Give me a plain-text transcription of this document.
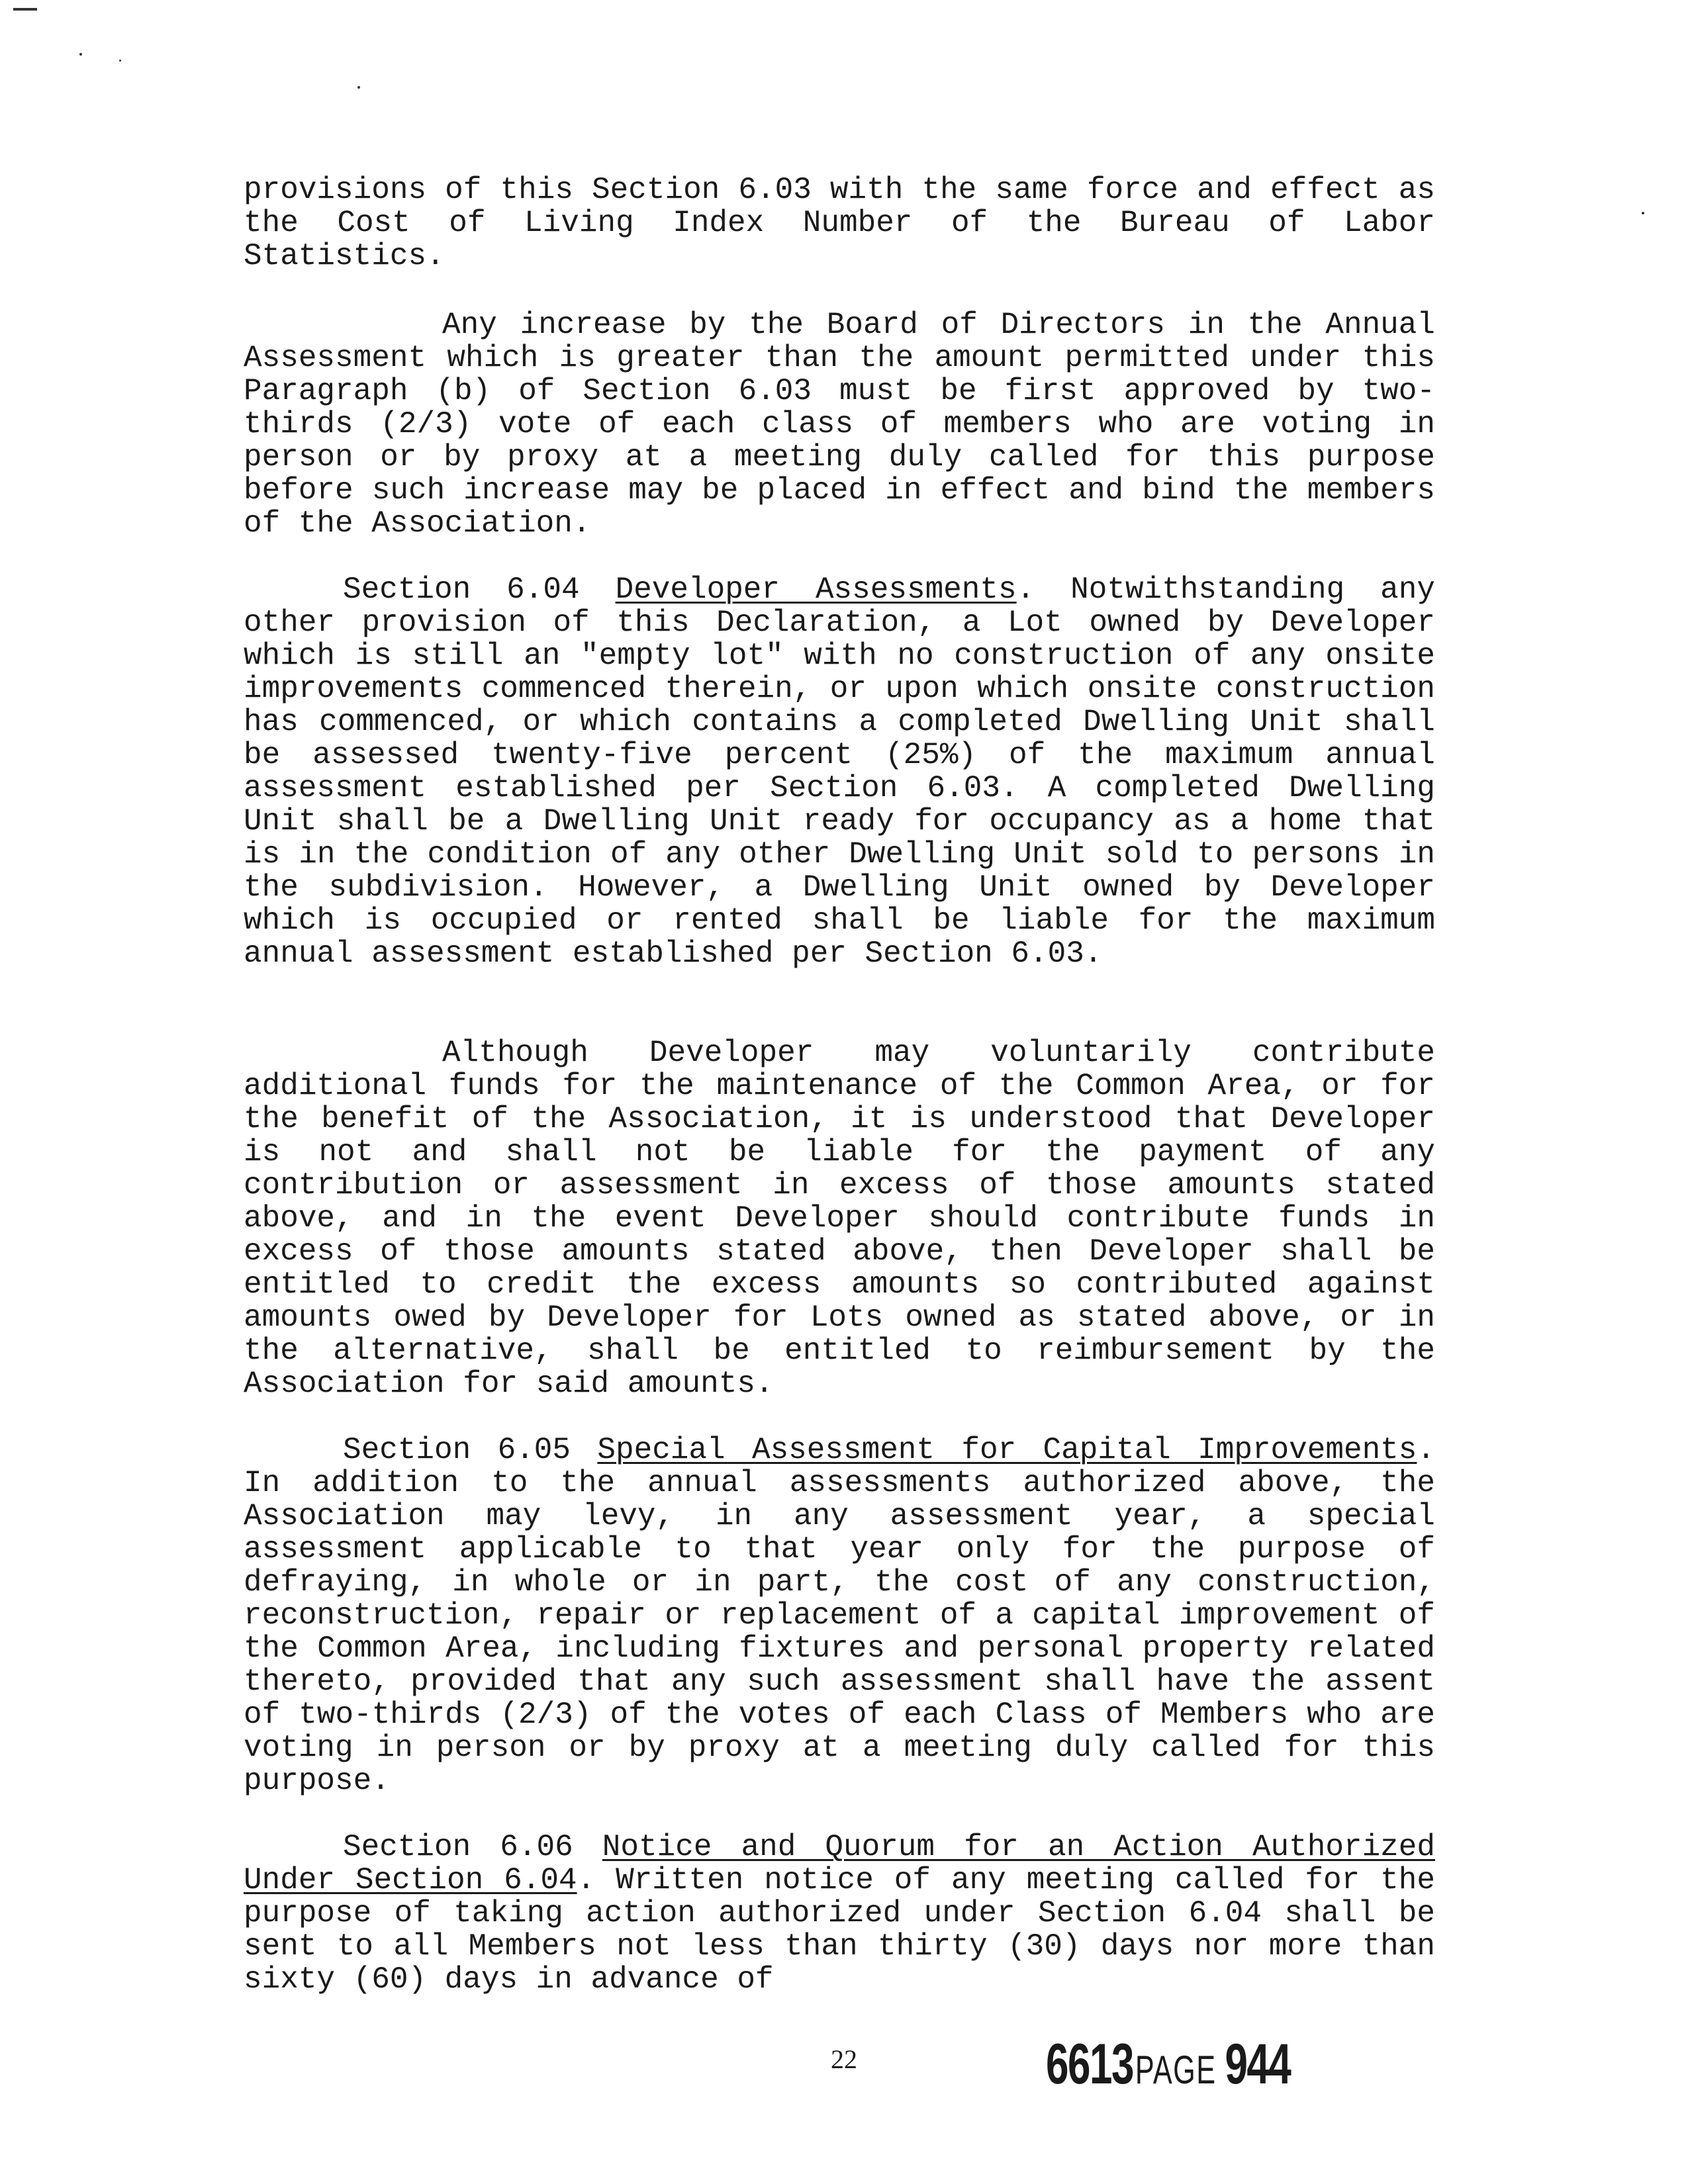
provisions of this Section 6.03 with the same force and effect as the Cost of Living Index Number of the Bureau of Labor Statistics.

Any increase by the Board of Directors in the Annual Assessment which is greater than the amount permitted under this Paragraph (b) of Section 6.03 must be first approved by two-thirds (2/3) vote of each class of members who are voting in person or by proxy at a meeting duly called for this purpose before such increase may be placed in effect and bind the members of the Association.

Section 6.04 Developer Assessments. Notwithstanding any other provision of this Declaration, a Lot owned by Developer which is still an "empty lot" with no construction of any onsite improvements commenced therein, or upon which onsite construction has commenced, or which contains a completed Dwelling Unit shall be assessed twenty-five percent (25%) of the maximum annual assessment established per Section 6.03. A completed Dwelling Unit shall be a Dwelling Unit ready for occupancy as a home that is in the condition of any other Dwelling Unit sold to persons in the subdivision. However, a Dwelling Unit owned by Developer which is occupied or rented shall be liable for the maximum annual assessment established per Section 6.03.

Although Developer may voluntarily contribute additional funds for the maintenance of the Common Area, or for the benefit of the Association, it is understood that Developer is not and shall not be liable for the payment of any contribution or assessment in excess of those amounts stated above, and in the event Developer should contribute funds in excess of those amounts stated above, then Developer shall be entitled to credit the excess amounts so contributed against amounts owed by Developer for Lots owned as stated above, or in the alternative, shall be entitled to reimbursement by the Association for said amounts.

Section 6.05 Special Assessment for Capital Improvements. In addition to the annual assessments authorized above, the Association may levy, in any assessment year, a special assessment applicable to that year only for the purpose of defraying, in whole or in part, the cost of any construction, reconstruction, repair or replacement of a capital improvement of the Common Area, including fixtures and personal property related thereto, provided that any such assessment shall have the assent of two-thirds (2/3) of the votes of each Class of Members who are voting in person or by proxy at a meeting duly called for this purpose.

Section 6.06 Notice and Quorum for an Action Authorized Under Section 6.04. Written notice of any meeting called for the purpose of taking action authorized under Section 6.04 shall be sent to all Members not less than thirty (30) days nor more than sixty (60) days in advance of

22	6613PAGE 944
